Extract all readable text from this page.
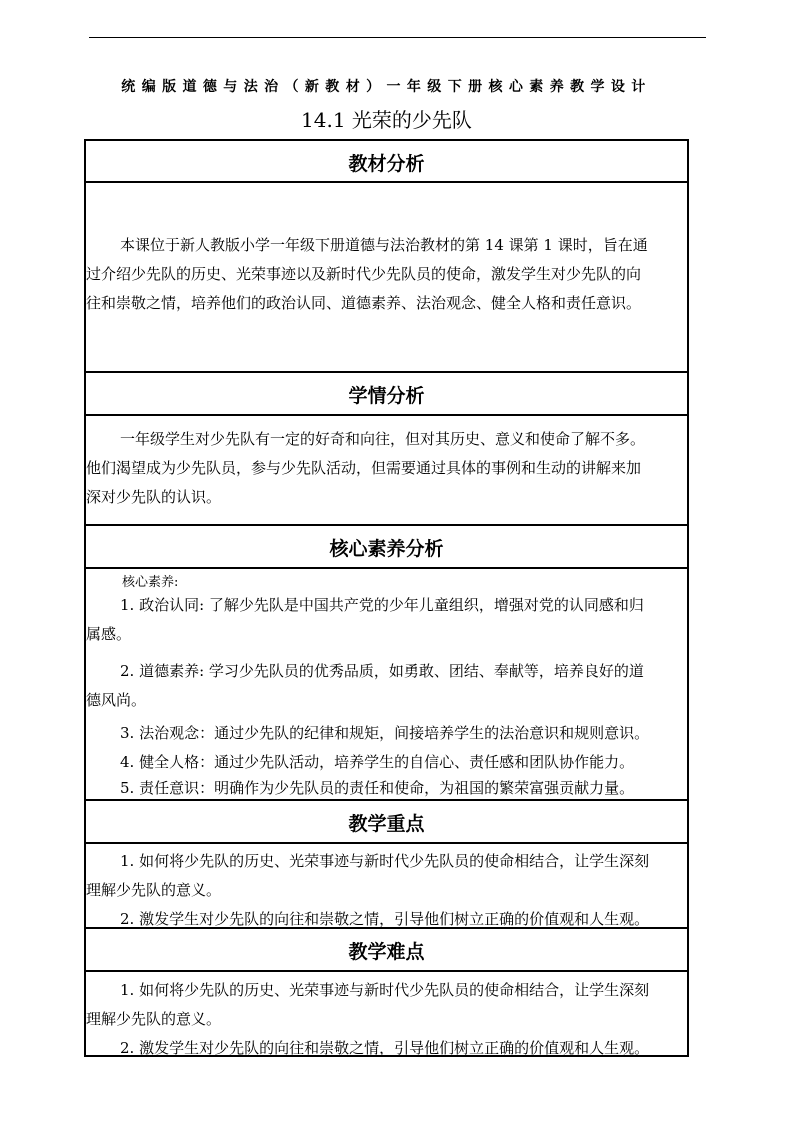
统编版道德与法治（新教材）一年级下册核心素养教学设计
14.1 光荣的少先队
教材分析
本课位于新人教版小学一年级下册道德与法治教材的第 14 课第 1 课时，旨在通
过介绍少先队的历史、光荣事迹以及新时代少先队员的使命，激发学生对少先队的向
往和崇敬之情，培养他们的政治认同、道德素养、法治观念、健全人格和责任意识。
学情分析
一年级学生对少先队有一定的好奇和向往，但对其历史、意义和使命了解不多。
他们渴望成为少先队员，参与少先队活动，但需要通过具体的事例和生动的讲解来加
深对少先队的认识。
核心素养分析
核心素养:
1. 政治认同: 了解少先队是中国共产党的少年儿童组织，增强对党的认同感和归
属感。
2. 道德素养: 学习少先队员的优秀品质，如勇敢、团结、奉献等，培养良好的道
德风尚。
3. 法治观念：通过少先队的纪律和规矩，间接培养学生的法治意识和规则意识。
4. 健全人格：通过少先队活动，培养学生的自信心、责任感和团队协作能力。
5. 责任意识：明确作为少先队员的责任和使命，为祖国的繁荣富强贡献力量。
教学重点
1. 如何将少先队的历史、光荣事迹与新时代少先队员的使命相结合，让学生深刻
理解少先队的意义。
2. 激发学生对少先队的向往和崇敬之情，引导他们树立正确的价值观和人生观。
教学难点
1. 如何将少先队的历史、光荣事迹与新时代少先队员的使命相结合，让学生深刻
理解少先队的意义。
2. 激发学生对少先队的向往和崇敬之情，引导他们树立正确的价值观和人生观。
